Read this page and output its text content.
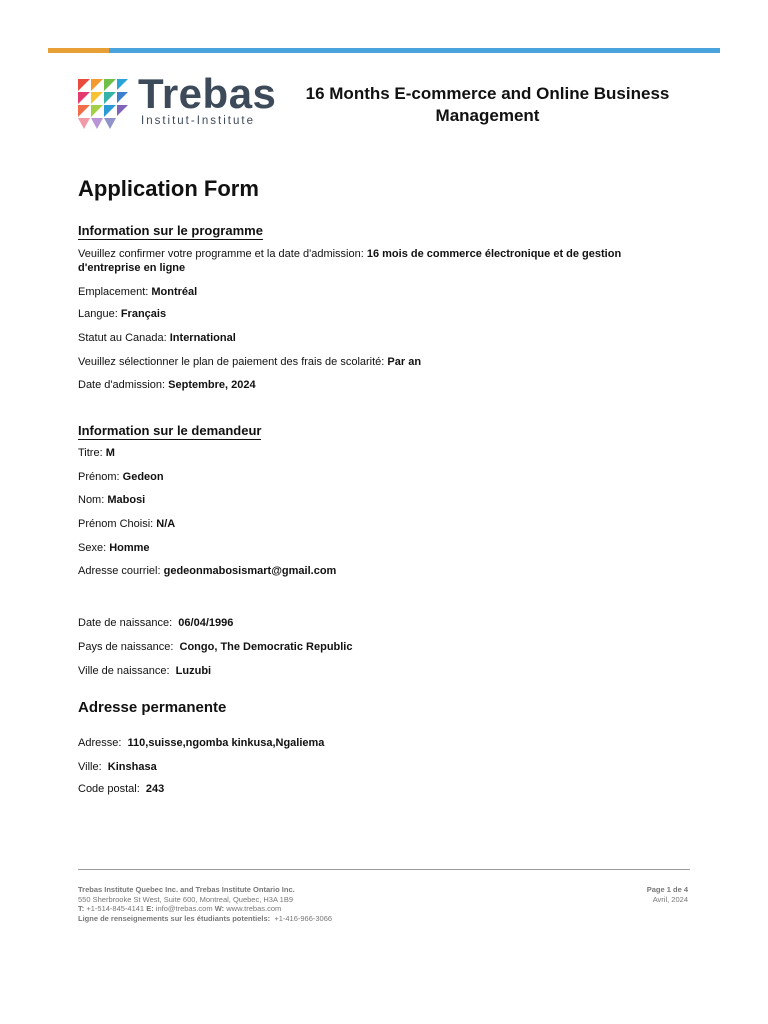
Trebas
Institut-Institute
16 Months E-commerce and Online Business Management
Application Form
Information sur le programme
Veuillez confirmer votre programme et la date d'admission: 16 mois de commerce électronique et de gestion d'entreprise en ligne
Emplacement: Montréal
Langue: Français
Statut au Canada: International
Veuillez sélectionner le plan de paiement des frais de scolarité: Par an
Date d'admission: Septembre, 2024
Information sur le demandeur
Titre: M
Prénom: Gedeon
Nom: Mabosi
Prénom Choisi: N/A
Sexe: Homme
Adresse courriel: gedeonmabosismart@gmail.com
Date de naissance: 06/04/1996
Pays de naissance: Congo, The Democratic Republic
Ville de naissance: Luzubi
Adresse permanente
Adresse: 110,suisse,ngomba kinkusa,Ngaliema
Ville: Kinshasa
Code postal: 243
Trebas Institute Quebec Inc. and Trebas Institute Ontario Inc.
550 Sherbrooke St West, Suite 600, Montreal, Quebec, H3A 1B9
T: +1-514-845-4141 E: info@trebas.com W: www.trebas.com
Ligne de renseignements sur les étudiants potentiels: +1-416-966-3066
Page 1 de 4
Avril, 2024
